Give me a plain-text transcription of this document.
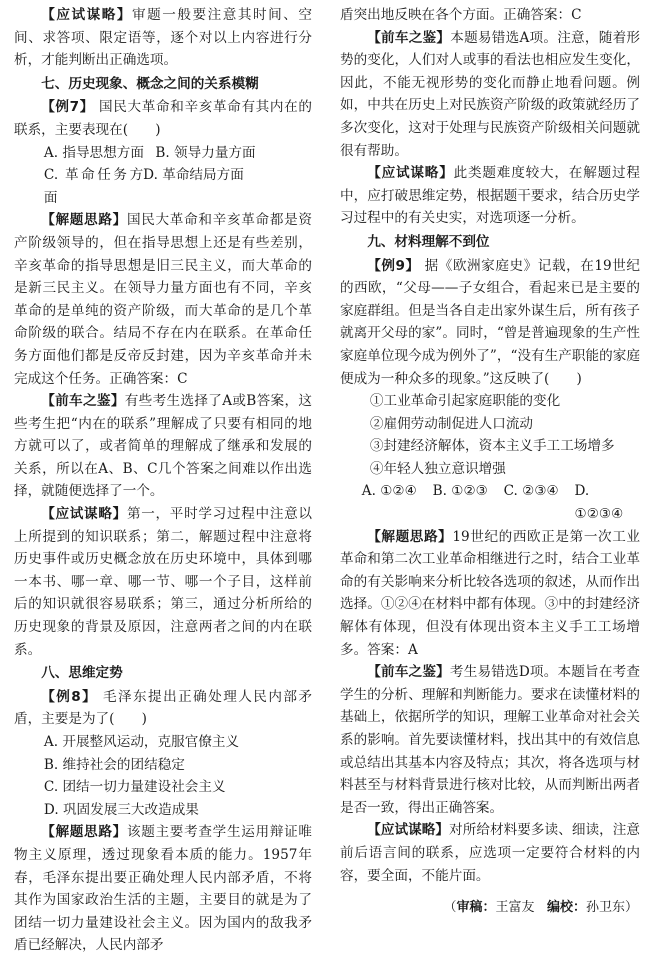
【应试谋略】审题一般要注意其时间、空间、求答项、限定语等，逐个对以上内容进行分析，才能判断出正确选项。

七、历史现象、概念之间的关系模糊

【例7】 国民大革命和辛亥革命有其内在的联系，主要表现在(　　)

A. 指导思想方面 B. 领导力量方面
C. 革命任务方面
D. 革命结局方面

【解题思路】国民大革命和辛亥革命都是资产阶级领导的，但在指导思想上还是有些差别，辛亥革命的指导思想是旧三民主义，而大革命的是新三民主义。在领导力量方面也有不同，辛亥革命的是单纯的资产阶级，而大革命的是几个革命阶级的联合。结局不存在内在联系。在革命任务方面他们都是反帝反封建，因为辛亥革命并未完成这个任务。正确答案：C

【前车之鉴】有些考生选择了A或B答案，这些考生把“内在的联系”理解成了只要有相同的地方就可以了，或者简单的理解成了继承和发展的关系，所以在A、B、C几个答案之间难以作出选择，就随便选择了一个。

【应试谋略】第一，平时学习过程中注意以上所提到的知识联系；第二，解题过程中注意将历史事件或历史概念放在历史环境中，具体到哪一本书、哪一章、哪一节、哪一个子目，这样前后的知识就很容易联系；第三，通过分析所给的历史现象的背景及原因，注意两者之间的内在联系。

八、思维定势

【例8】 毛泽东提出正确处理人民内部矛盾，主要是为了(　　)

A. 开展整风运动，克服官僚主义

B. 维持社会的团结稳定

C. 团结一切力量建设社会主义

D. 巩固发展三大改造成果

【解题思路】该题主要考查学生运用辩证唯物主义原理，透过现象看本质的能力。1957年春，毛泽东提出要正确处理人民内部矛盾，不将其作为国家政治生活的主题，主要目的就是为了团结一切力量建设社会主义。因为国内的敌我矛盾已经解决，人民内部矛

盾突出地反映在各个方面。正确答案：C

【前车之鉴】本题易错选A项。注意，随着形势的变化，人们对人或事的看法也相应发生变化，因此，不能无视形势的变化而静止地看问题。例如，中共在历史上对民族资产阶级的政策就经历了多次变化，这对于处理与民族资产阶级相关问题就很有帮助。

【应试谋略】此类题难度较大，在解题过程中，应打破思维定势，根据题干要求，结合历史学习过程中的有关史实，对选项逐一分析。

九、材料理解不到位

【例9】 据《欧洲家庭史》记载，在19世纪的西欧，“父母——子女组合，看起来已是主要的家庭群组。但是当各自走出家外谋生后，所有孩子就离开父母的家”。同时，“曾是普遍现象的生产性家庭单位现今成为例外了”，“没有生产职能的家庭便成为一种众多的现象。”这反映了(　　)

①工业革命引起家庭职能的变化

②雇佣劳动制促进人口流动

③封建经济解体，资本主义手工工场增多

④年轻人独立意识增强

A. ①②④	B. ①②③	C. ②③④	D. ①②③④

【解题思路】19世纪的西欧正是第一次工业革命和第二次工业革命相继进行之时，结合工业革命的有关影响来分析比较各选项的叙述，从而作出选择。①②④在材料中都有体现。③中的封建经济解体有体现，但没有体现出资本主义手工工场增多。答案：A

【前车之鉴】考生易错选D项。本题旨在考查学生的分析、理解和判断能力。要求在读懂材料的基础上，依据所学的知识，理解工业革命对社会关系的影响。首先要读懂材料，找出其中的有效信息或总结出其基本内容及特点；其次，将各选项与材料甚至与材料背景进行核对比较，从而判断出两者是否一致，得出正确答案。

【应试谋略】对所给材料要多读、细读，注意前后语言间的联系，应选项一定要符合材料的内容，要全面，不能片面。

（审稿：王富友 编校：孙卫东）
